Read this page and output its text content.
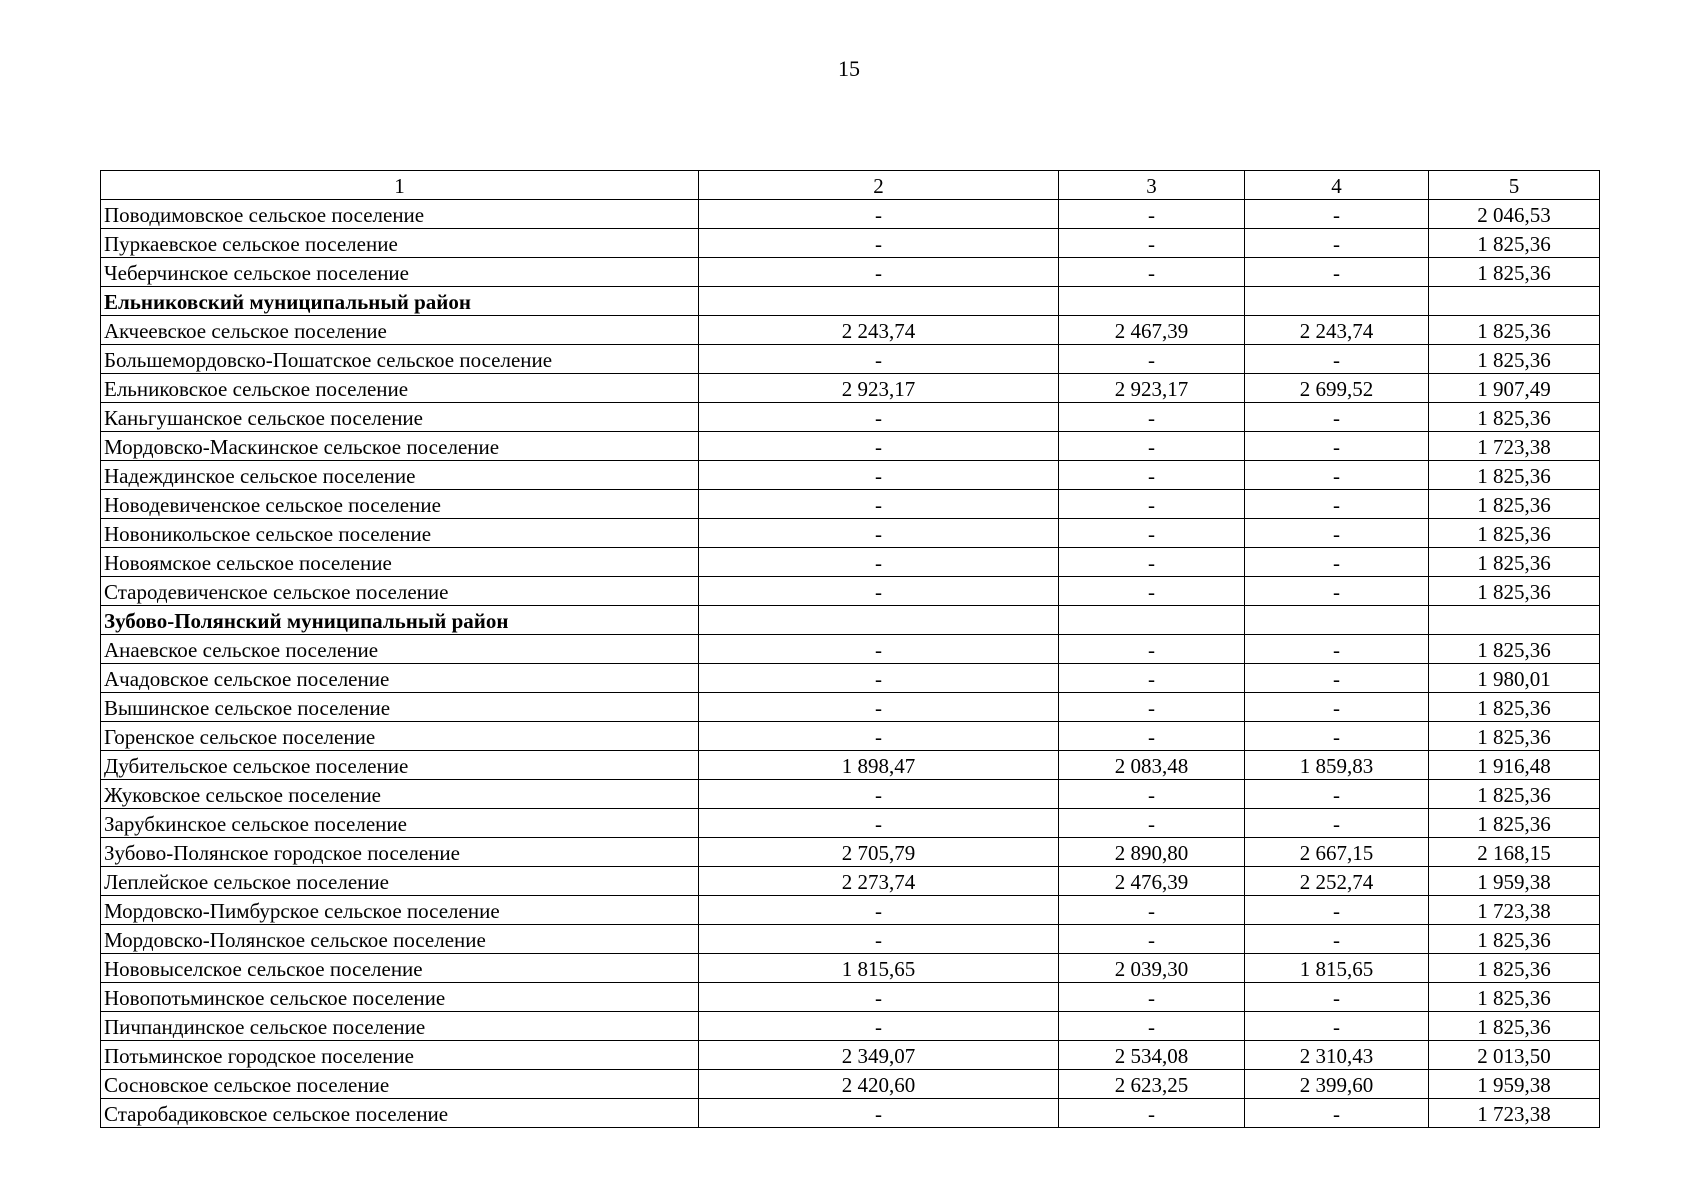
15
1	2	3	4	5
Поводимовское сельское поселение	-	-	-	2 046,53
Пуркаевское сельское поселение	-	-	-	1 825,36
Чеберчинское сельское поселение	-	-	-	1 825,36
Ельниковский муниципальный район				
Акчеевское сельское поселение	2 243,74	2 467,39	2 243,74	1 825,36
Большемордовско-Пошатское сельское поселение	-	-	-	1 825,36
Ельниковское сельское поселение	2 923,17	2 923,17	2 699,52	1 907,49
Каньгушанское сельское поселение	-	-	-	1 825,36
Мордовско-Маскинское сельское поселение	-	-	-	1 723,38
Надеждинское сельское поселение	-	-	-	1 825,36
Новодевиченское сельское поселение	-	-	-	1 825,36
Новоникольское сельское поселение	-	-	-	1 825,36
Новоямское сельское поселение	-	-	-	1 825,36
Стародевиченское сельское поселение	-	-	-	1 825,36
Зубово-Полянский муниципальный район				
Анаевское сельское поселение	-	-	-	1 825,36
Ачадовское сельское поселение	-	-	-	1 980,01
Вышинское сельское поселение	-	-	-	1 825,36
Горенское сельское поселение	-	-	-	1 825,36
Дубительское сельское поселение	1 898,47	2 083,48	1 859,83	1 916,48
Жуковское сельское поселение	-	-	-	1 825,36
Зарубкинское сельское поселение	-	-	-	1 825,36
Зубово-Полянское городское поселение	2 705,79	2 890,80	2 667,15	2 168,15
Леплейское сельское поселение	2 273,74	2 476,39	2 252,74	1 959,38
Мордовско-Пимбурское сельское поселение	-	-	-	1 723,38
Мордовско-Полянское сельское поселение	-	-	-	1 825,36
Нововыселское сельское поселение	1 815,65	2 039,30	1 815,65	1 825,36
Новопотьминское сельское поселение	-	-	-	1 825,36
Пичпандинское сельское поселение	-	-	-	1 825,36
Потьминское городское поселение	2 349,07	2 534,08	2 310,43	2 013,50
Сосновское сельское поселение	2 420,60	2 623,25	2 399,60	1 959,38
Старобадиковское сельское поселение	-	-	-	1 723,38
